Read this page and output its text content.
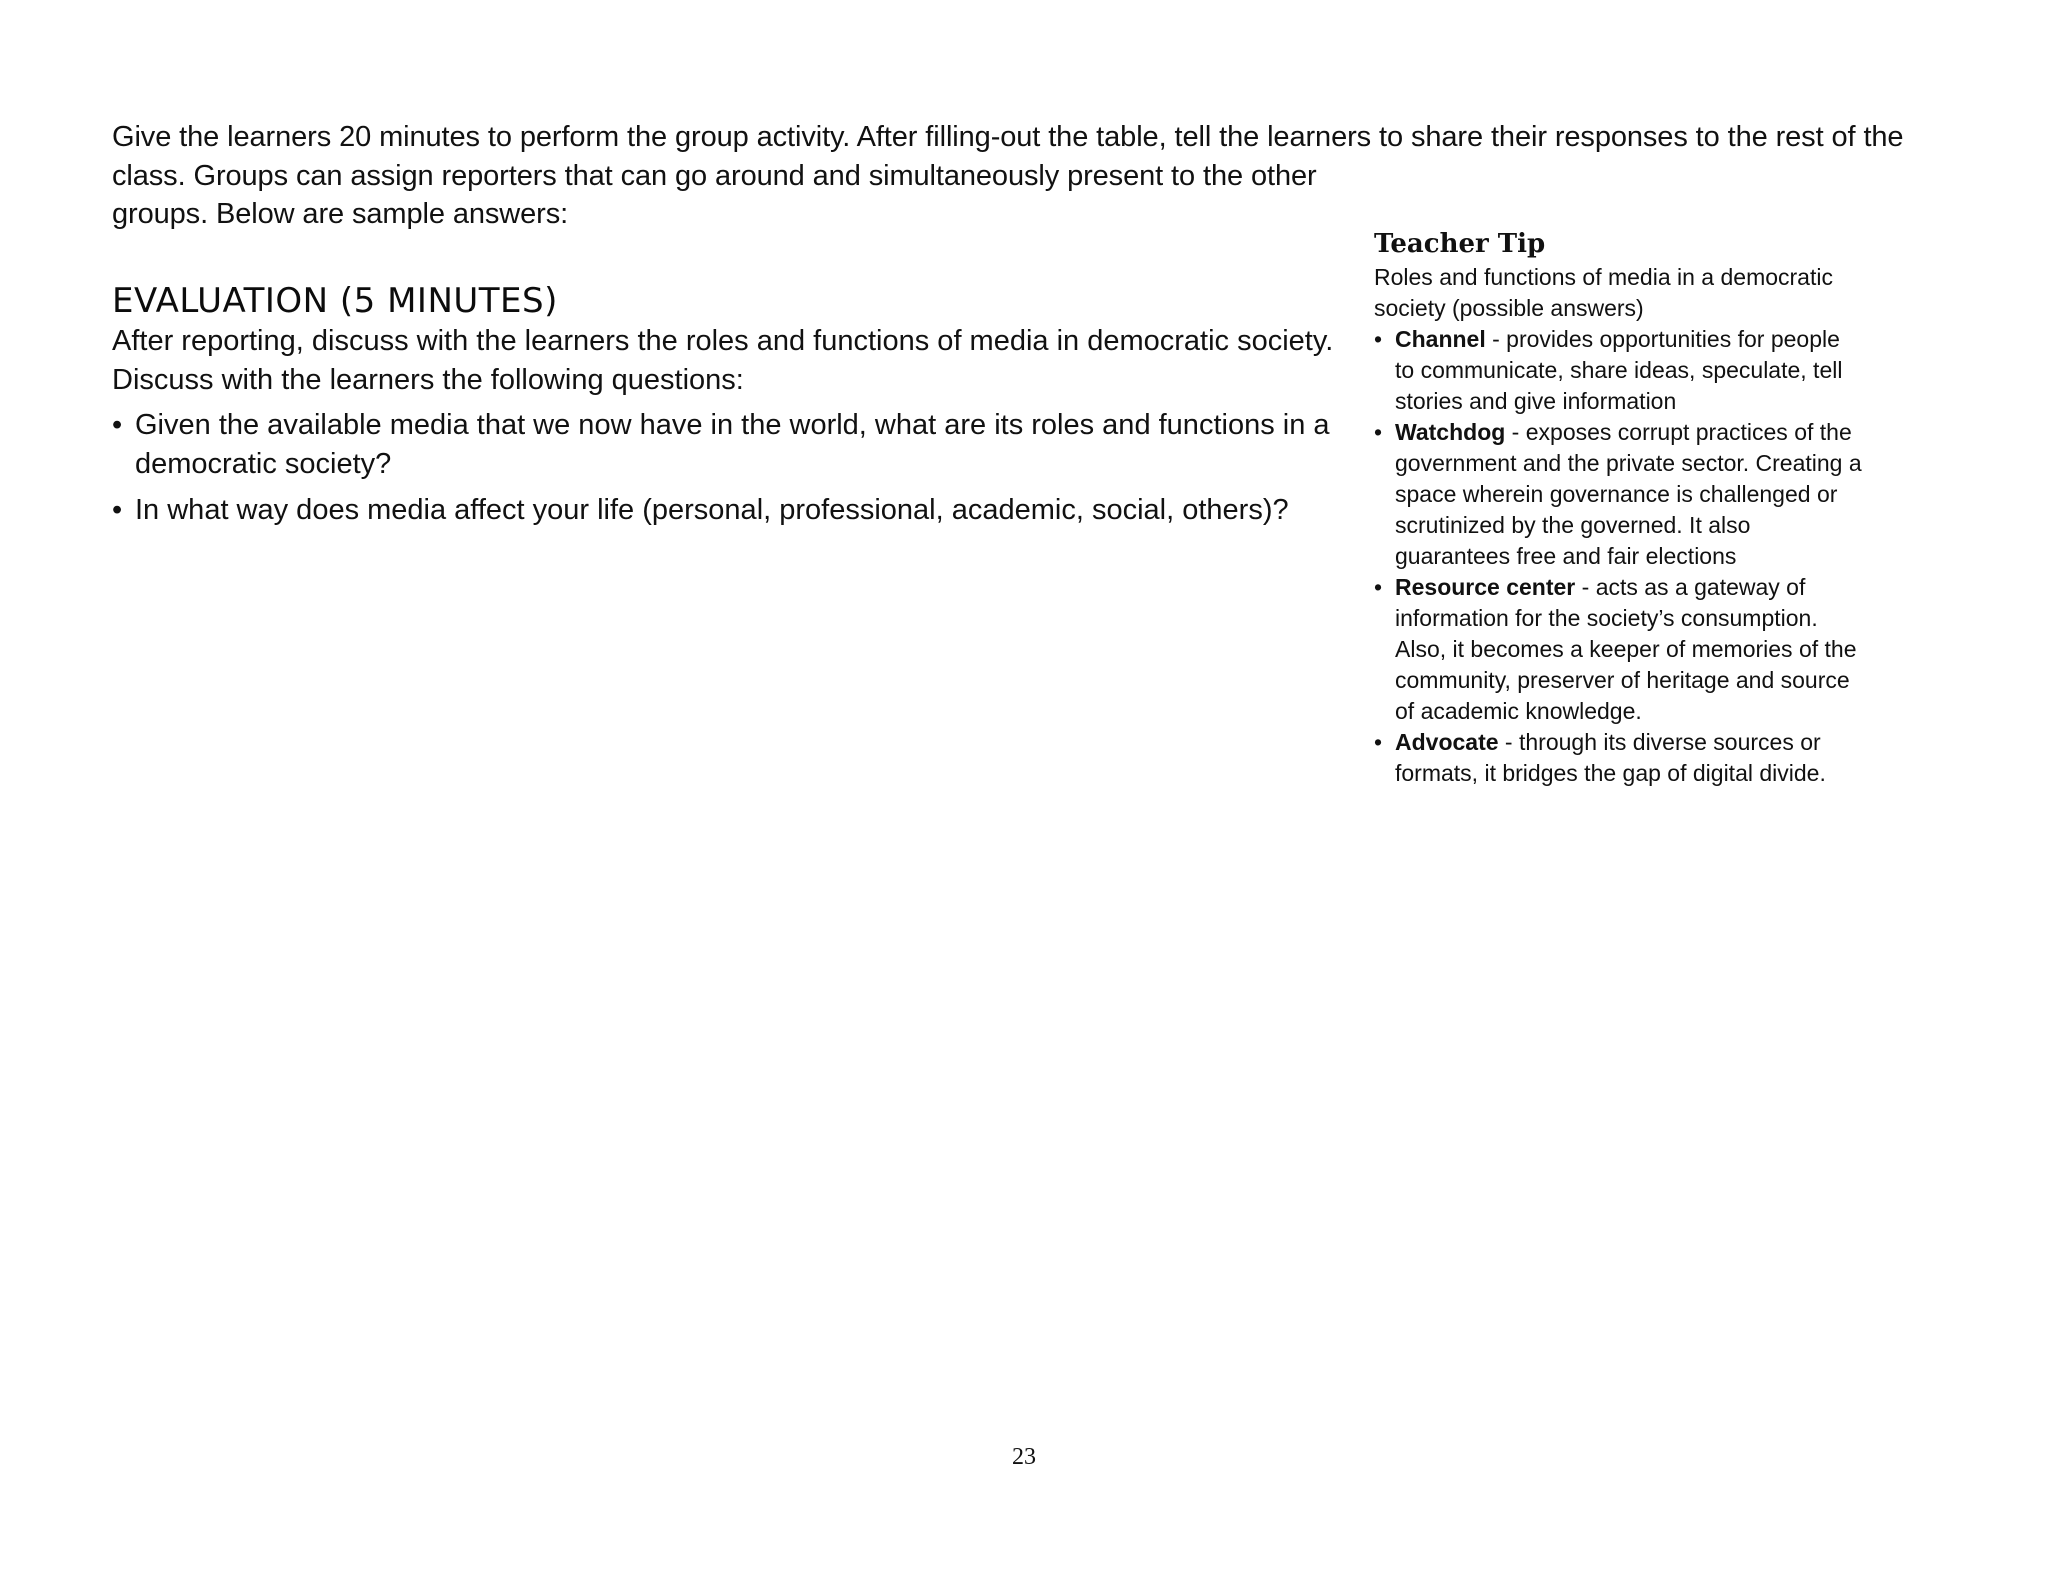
Give the learners 20 minutes to perform the group activity. After filling-out the table, tell the learners to share their responses to the rest of the
class. Groups can assign reporters that can go around and simultaneously present to the other
groups. Below are sample answers:
EVALUATION (5 MINUTES)

After reporting, discuss with the learners the roles and functions of media in democratic society.
Discuss with the learners the following questions:

• Given the available media that we now have in the world, what are its roles and functions in a
democratic society?
• In what way does media affect your life (personal, professional, academic, social, others)?
Teacher Tip

Roles and functions of media in a democratic
society (possible answers)

• Channel - provides opportunities for people
to communicate, share ideas, speculate, tell
stories and give information
• Watchdog - exposes corrupt practices of the
government and the private sector. Creating a
space wherein governance is challenged or
scrutinized by the governed. It also
guarantees free and fair elections
• Resource center - acts as a gateway of
information for the society’s consumption.
Also, it becomes a keeper of memories of the
community, preserver of heritage and source
of academic knowledge.
• Advocate - through its diverse sources or
formats, it bridges the gap of digital divide.
23
